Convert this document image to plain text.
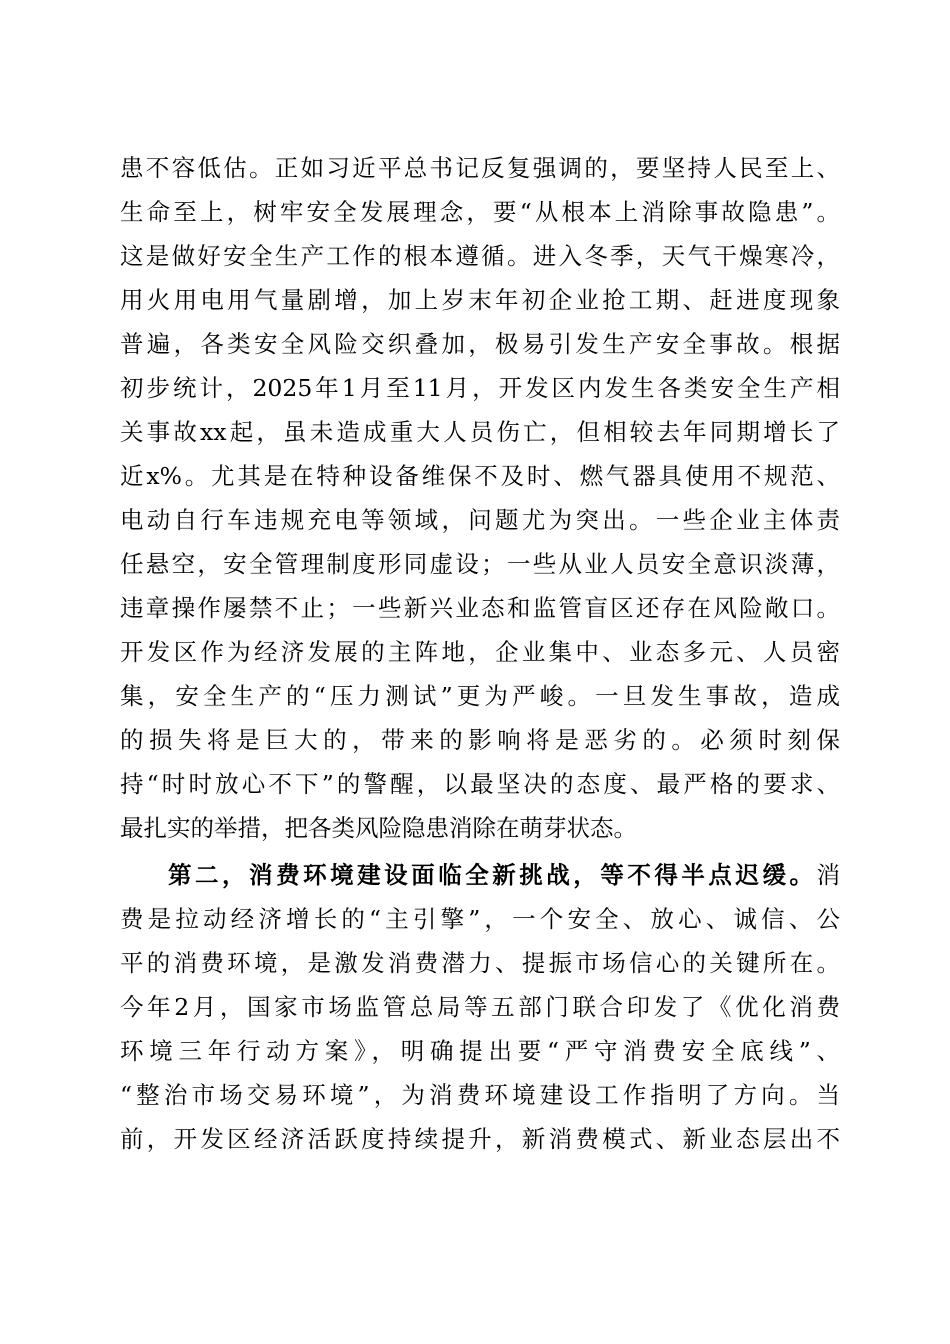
患不容低估。正如习近平总书记反复强调的，要坚持人民至上、
生命至上，树牢安全发展理念，要“从根本上消除事故隐患”。
这是做好安全生产工作的根本遵循。进入冬季，天气干燥寒冷，
用火用电用气量剧增，加上岁末年初企业抢工期、赶进度现象
普遍，各类安全风险交织叠加，极易引发生产安全事故。根据
初步统计，2025年1月至11月，开发区内发生各类安全生产相
关事故xx起，虽未造成重大人员伤亡，但相较去年同期增长了
近x%。尤其是在特种设备维保不及时、燃气器具使用不规范、
电动自行车违规充电等领域，问题尤为突出。一些企业主体责
任悬空，安全管理制度形同虚设；一些从业人员安全意识淡薄，
违章操作屡禁不止；一些新兴业态和监管盲区还存在风险敞口。
开发区作为经济发展的主阵地，企业集中、业态多元、人员密
集，安全生产的“压力测试”更为严峻。一旦发生事故，造成
的损失将是巨大的，带来的影响将是恶劣的。必须时刻保
持“时时放心不下”的警醒，以最坚决的态度、最严格的要求、
最扎实的举措，把各类风险隐患消除在萌芽状态。
第二，消费环境建设面临全新挑战，等不得半点迟缓。消
费是拉动经济增长的“主引擎”，一个安全、放心、诚信、公
平的消费环境，是激发消费潜力、提振市场信心的关键所在。
今年2月，国家市场监管总局等五部门联合印发了《优化消费
环境三年行动方案》，明确提出要“严守消费安全底线”、
“整治市场交易环境”，为消费环境建设工作指明了方向。当
前，开发区经济活跃度持续提升，新消费模式、新业态层出不
